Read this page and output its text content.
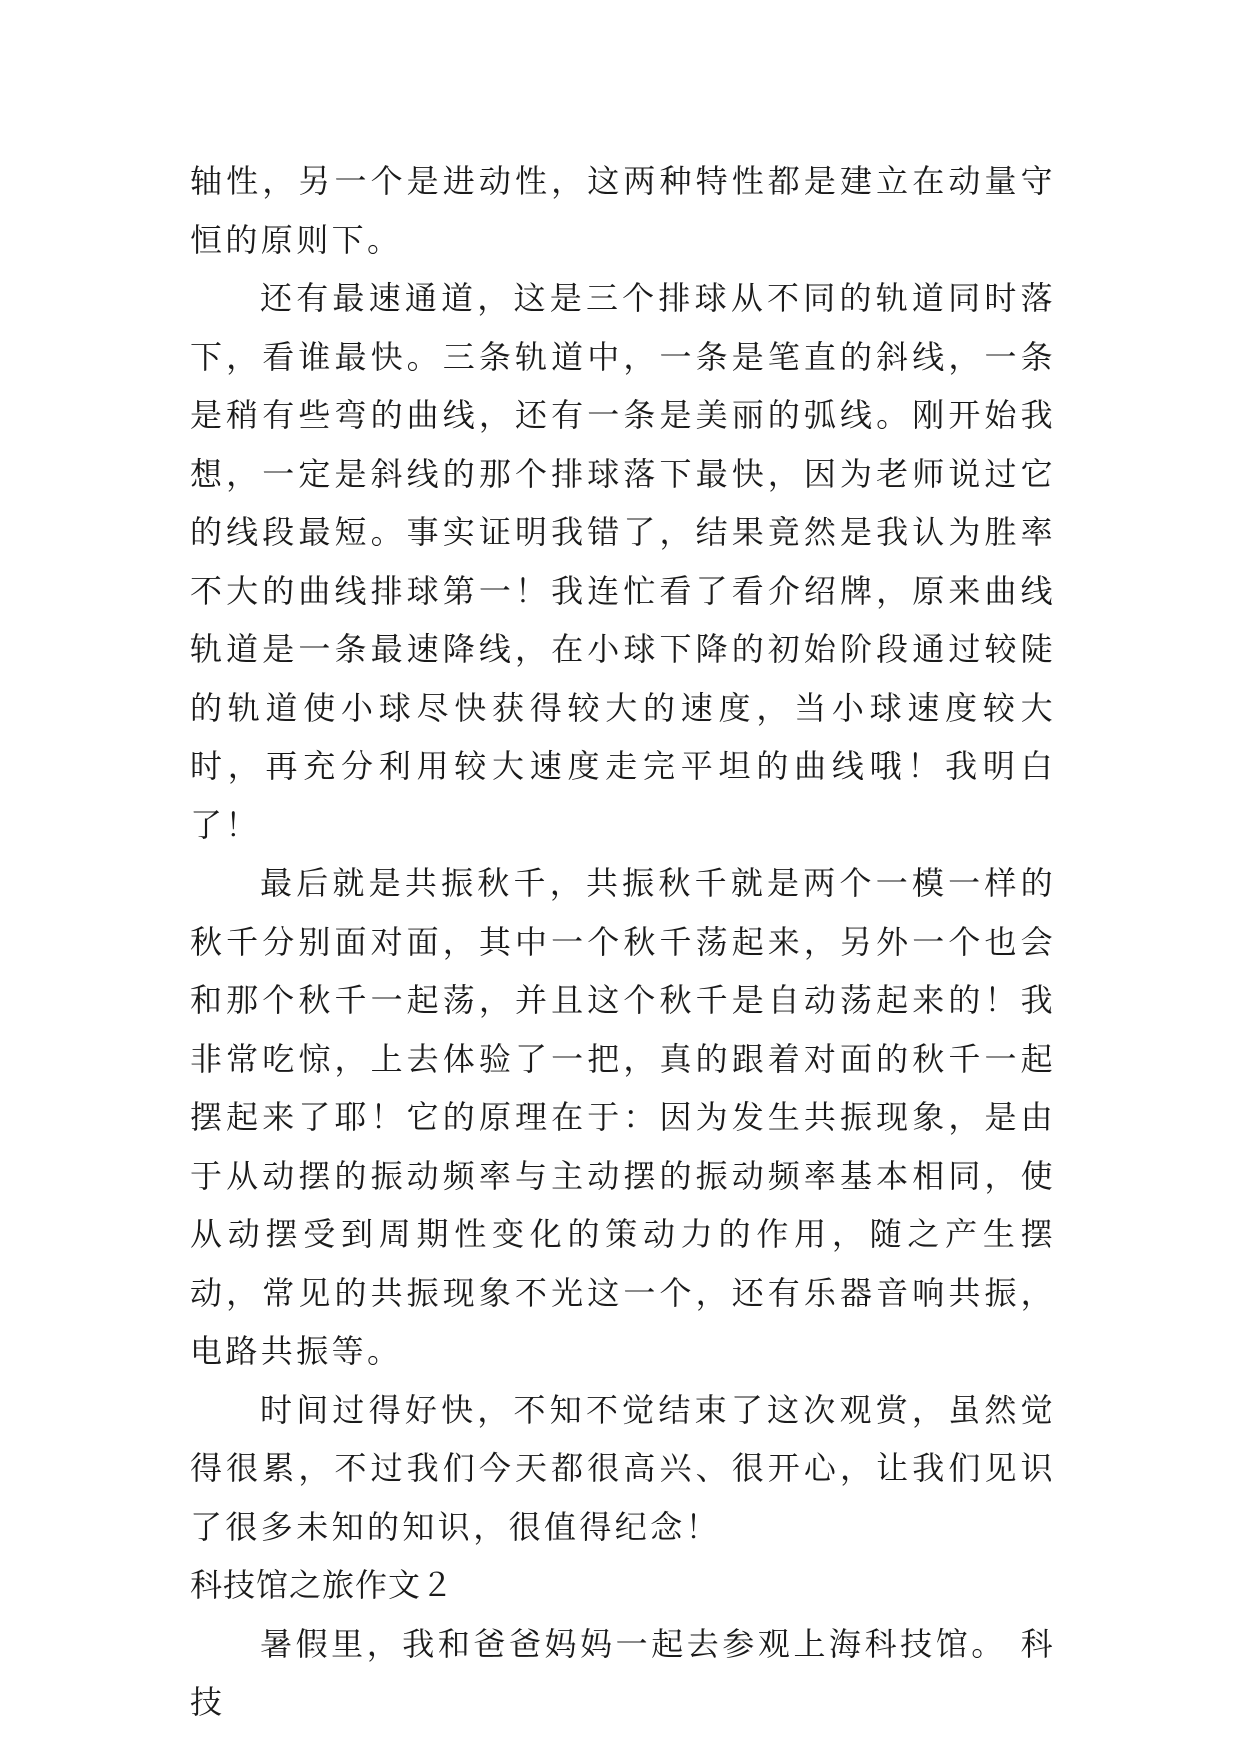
轴性，另一个是进动性，这两种特性都是建立在动量守恒的原则下。

还有最速通道，这是三个排球从不同的轨道同时落下，看谁最快。三条轨道中，一条是笔直的斜线，一条是稍有些弯的曲线，还有一条是美丽的弧线。刚开始我想，一定是斜线的那个排球落下最快，因为老师说过它的线段最短。事实证明我错了，结果竟然是我认为胜率不大的曲线排球第一！我连忙看了看介绍牌，原来曲线轨道是一条最速降线，在小球下降的初始阶段通过较陡的轨道使小球尽快获得较大的速度，当小球速度较大时，再充分利用较大速度走完平坦的曲线哦！我明白了！

最后就是共振秋千，共振秋千就是两个一模一样的秋千分别面对面，其中一个秋千荡起来，另外一个也会和那个秋千一起荡，并且这个秋千是自动荡起来的！我非常吃惊，上去体验了一把，真的跟着对面的秋千一起摆起来了耶！它的原理在于：因为发生共振现象，是由于从动摆的振动频率与主动摆的振动频率基本相同，使从动摆受到周期性变化的策动力的作用，随之产生摆动，常见的共振现象不光这一个，还有乐器音响共振，电路共振等。

时间过得好快，不知不觉结束了这次观赏，虽然觉得很累，不过我们今天都很高兴、很开心，让我们见识了很多未知的知识，很值得纪念！

科技馆之旅作文２

暑假里，我和爸爸妈妈一起去参观上海科技馆。 科技
